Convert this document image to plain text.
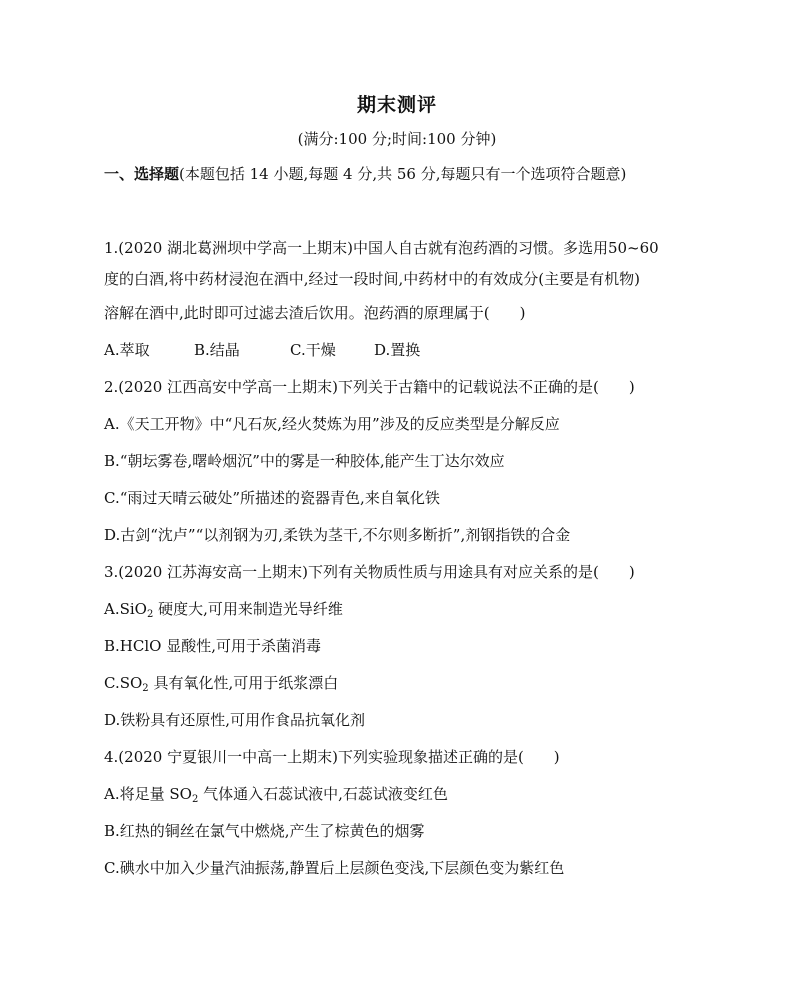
期末测评
(满分:100 分;时间:100 分钟)
一、选择题(本题包括 14 小题,每题 4 分,共 56 分,每题只有一个选项符合题意)
1.(2020 湖北葛洲坝中学高一上期末)中国人自古就有泡药酒的习惯。多选用50~60
度的白酒,将中药材浸泡在酒中,经过一段时间,中药材中的有效成分(主要是有机物)
溶解在酒中,此时即可过滤去渣后饮用。泡药酒的原理属于(　　)
A.萃取	B.结晶	C.干燥	D.置换
2.(2020 江西高安中学高一上期末)下列关于古籍中的记载说法不正确的是(　　)
A.《天工开物》中“凡石灰,经火焚炼为用”涉及的反应类型是分解反应
B.“朝坛雾卷,曙岭烟沉”中的雾是一种胶体,能产生丁达尔效应
C.“雨过天晴云破处”所描述的瓷器青色,来自氧化铁
D.古剑“沈卢”“以剂钢为刃,柔铁为茎干,不尔则多断折”,剂钢指铁的合金
3.(2020 江苏海安高一上期末)下列有关物质性质与用途具有对应关系的是(　　)
A.SiO$_2$ 硬度大,可用来制造光导纤维
B.HClO 显酸性,可用于杀菌消毒
$C.SO_2$ 具有氧化性,可用于纸浆漂白
D.铁粉具有还原性,可用作食品抗氧化剂
4.(2020 宁夏银川一中高一上期末)下列实验现象描述正确的是(　　)
A.将足量 $SO_2$ 气体通入石蕊试液中,石蕊试液变红色
B.红热的铜丝在氯气中燃烧,产生了棕黄色的烟雾
C.碘水中加入少量汽油振荡,静置后上层颜色变浅,下层颜色变为紫红色
